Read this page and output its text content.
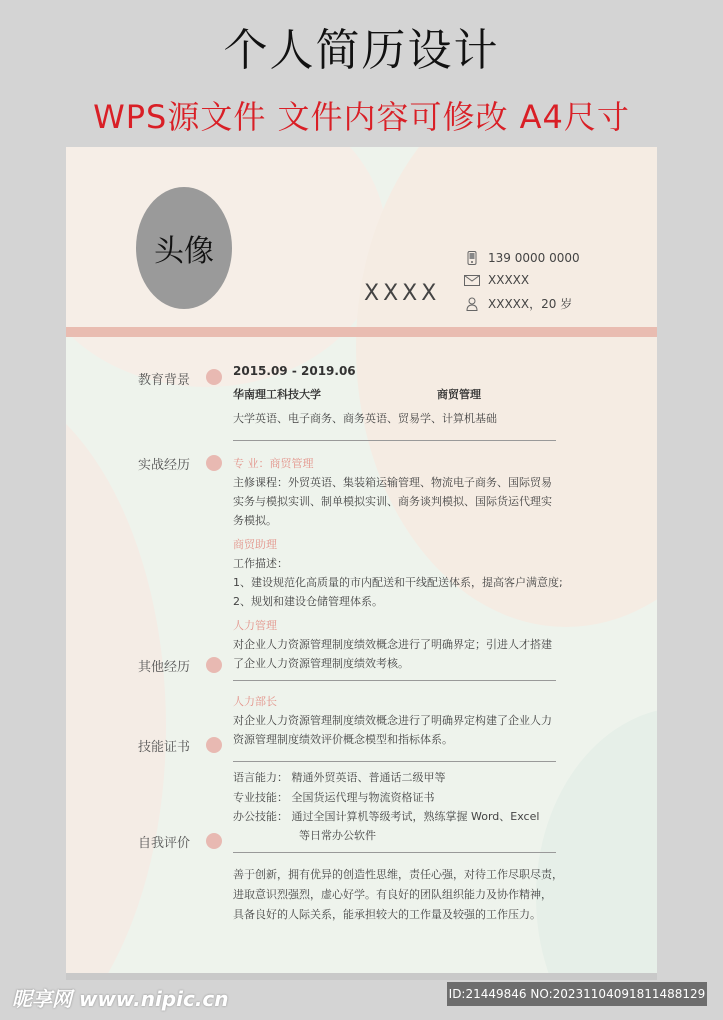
个人简历设计
WPS源文件 文件内容可修改 A4尺寸
头像
XXXX
139 0000 0000
XXXXX
XXXXX，20 岁
教育背景
实战经历
其他经历
技能证书
自我评价
2015.09 - 2019.06
华南理工科技大学	商贸管理
大学英语、电子商务、商务英语、贸易学、计算机基础
专 业：商贸管理
主修课程：外贸英语、集装箱运输管理、物流电子商务、国际贸易
实务与模拟实训、制单模拟实训、商务谈判模拟、国际货运代理实
务模拟。
商贸助理
工作描述：
1、建设规范化高质量的市内配送和干线配送体系，提高客户满意度;
2、规划和建设仓储管理体系。
人力管理
对企业人力资源管理制度绩效概念进行了明确界定；引进人才搭建
了企业人力资源管理制度绩效考核。
人力部长
对企业人力资源管理制度绩效概念进行了明确界定构建了企业人力
资源管理制度绩效评价概念模型和指标体系。
语言能力： 精通外贸英语、普通话二级甲等
专业技能： 全国货运代理与物流资格证书
办公技能： 通过全国计算机等级考试，熟练掌握 Word、Excel
等日常办公软件
善于创新，拥有优异的创造性思维，责任心强，对待工作尽职尽责，
进取意识烈强烈，虚心好学。有良好的团队组织能力及协作精神，
具备良好的人际关系，能承担较大的工作量及较强的工作压力。
昵享网 www.nipic.cn	ID:21449846 NO:20231104091811488129
